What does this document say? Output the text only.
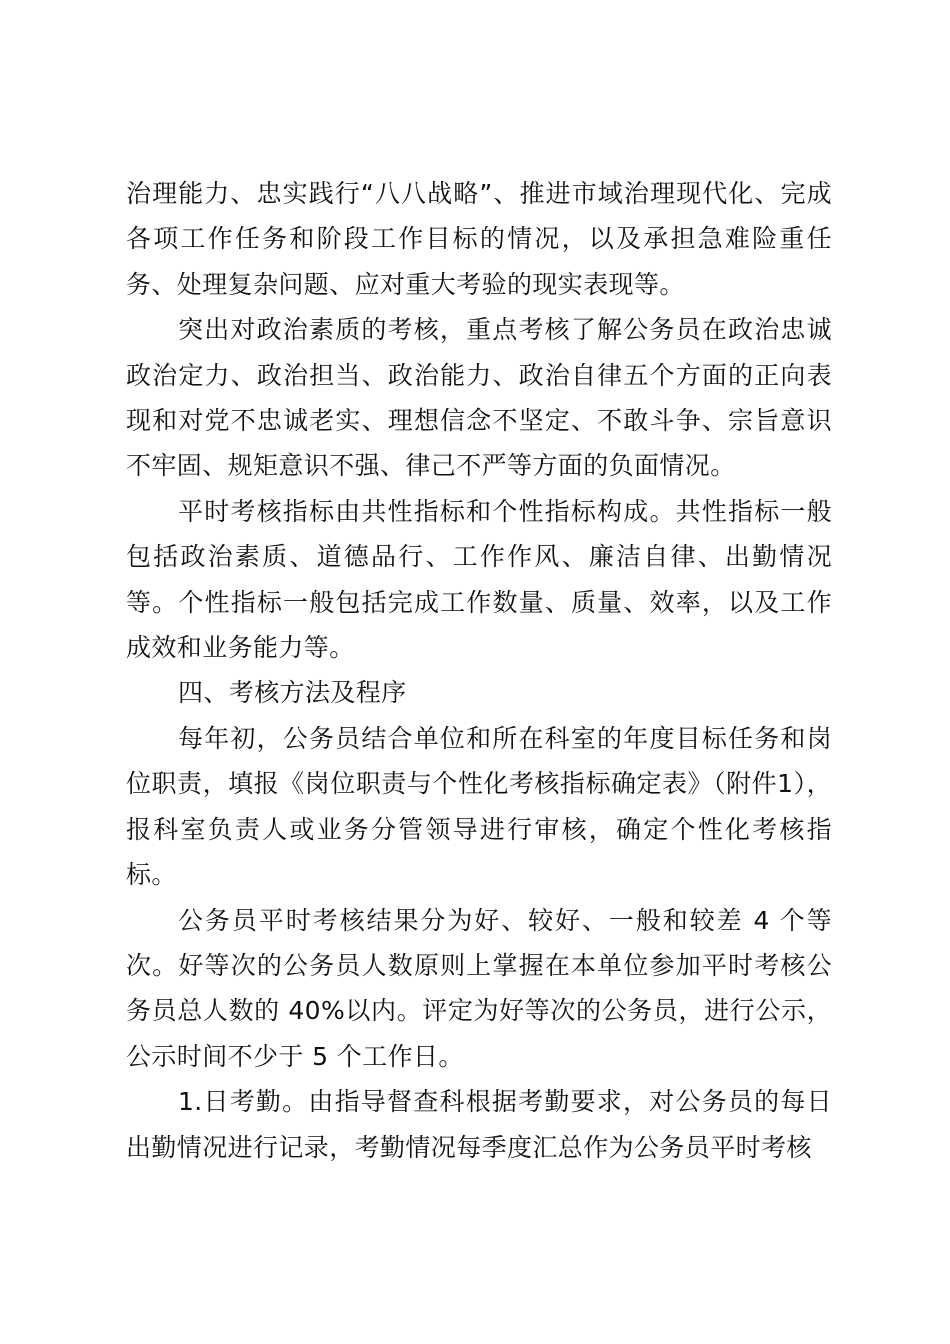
治理能力、忠实践行“八八战略”、推进市域治理现代化、完成各项工作任务和阶段工作目标的情况，以及承担急难险重任务、处理复杂问题、应对重大考验的现实表现等。

突出对政治素质的考核，重点考核了解公务员在政治忠诚政治定力、政治担当、政治能力、政治自律五个方面的正向表现和对党不忠诚老实、理想信念不坚定、不敢斗争、宗旨意识不牢固、规矩意识不强、律己不严等方面的负面情况。

平时考核指标由共性指标和个性指标构成。共性指标一般包括政治素质、道德品行、工作作风、廉洁自律、出勤情况等。个性指标一般包括完成工作数量、质量、效率，以及工作成效和业务能力等。

四、考核方法及程序

每年初，公务员结合单位和所在科室的年度目标任务和岗位职责，填报《岗位职责与个性化考核指标确定表》（附件1），报科室负责人或业务分管领导进行审核，确定个性化考核指标。

公务员平时考核结果分为好、较好、一般和较差 4 个等次。好等次的公务员人数原则上掌握在本单位参加平时考核公务员总人数的 40%以内。评定为好等次的公务员，进行公示，公示时间不少于 5 个工作日。

1.日考勤。由指导督查科根据考勤要求，对公务员的每日出勤情况进行记录，考勤情况每季度汇总作为公务员平时考核
